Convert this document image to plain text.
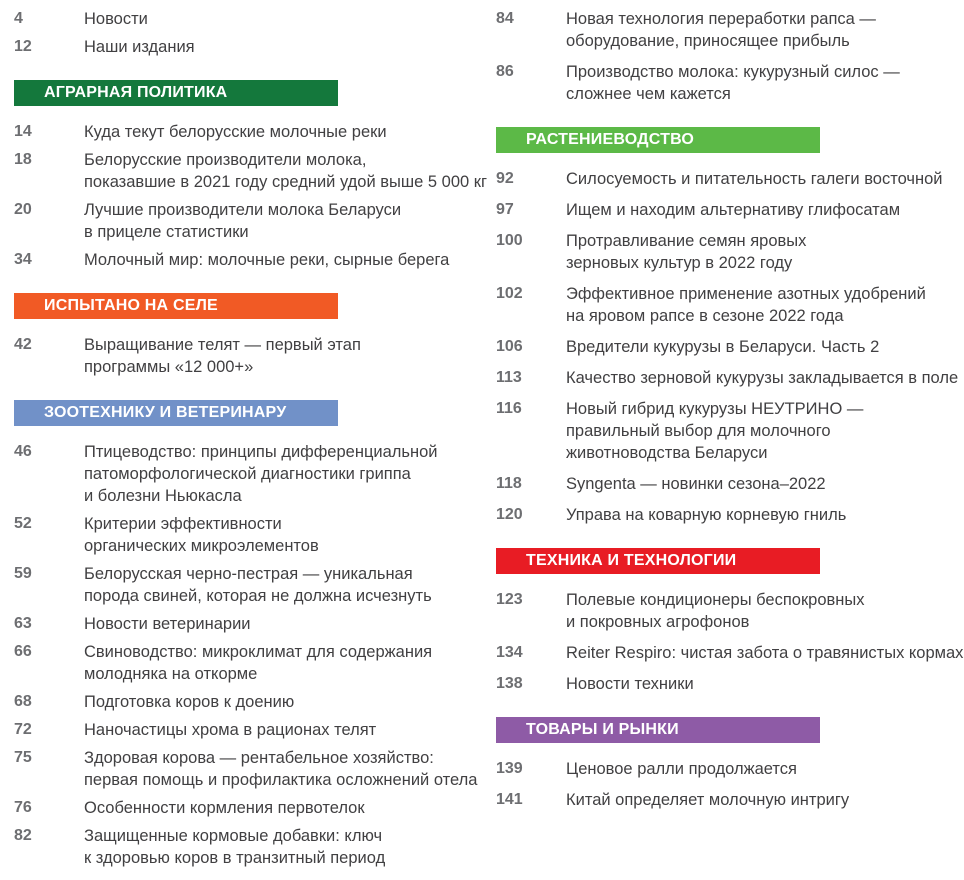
4	Новости
12	Наши издания
АГРАРНАЯ ПОЛИТИКА
14	Куда текут белорусские молочные реки
18	Белорусские производители молока,
показавшие в 2021 году средний удой выше 5 000 кг
20	Лучшие производители молока Беларуси
в прицеле статистики
34	Молочный мир: молочные реки, сырные берега
ИСПЫТАНО НА СЕЛЕ
42	Выращивание телят — первый этап
программы «12 000+»
ЗООТЕХНИКУ И ВЕТЕРИНАРУ
46	Птицеводство: принципы дифференциальной
патоморфологической диагностики гриппа
и болезни Ньюкасла
52	Критерии эффективности
органических микроэлементов
59	Белорусская черно-пестрая — уникальная
порода свиней, которая не должна исчезнуть
63	Новости ветеринарии
66	Свиноводство: микроклимат для содержания
молодняка на откорме
68	Подготовка коров к доению
72	Наночастицы хрома в рационах телят
75	Здоровая корова — рентабельное хозяйство:
первая помощь и профилактика осложнений отела
76	Особенности кормления первотелок
82	Защищенные кормовые добавки: ключ
к здоровью коров в транзитный период
84	Новая технология переработки рапса —
оборудование, приносящее прибыль
86	Производство молока: кукурузный силос —
сложнее чем кажется
РАСТЕНИЕВОДСТВО
92	Силосуемость и питательность галеги восточной
97	Ищем и находим альтернативу глифосатам
100	Протравливание семян яровых
зерновых культур в 2022 году
102	Эффективное применение азотных удобрений
на яровом рапсе в сезоне 2022 года
106	Вредители кукурузы в Беларуси. Часть 2
113	Качество зерновой кукурузы закладывается в поле
116	Новый гибрид кукурузы НЕУТРИНО —
правильный выбор для молочного
животноводства Беларуси
118	Syngenta — новинки сезона–2022
120	Управа на коварную корневую гниль
ТЕХНИКА И ТЕХНОЛОГИИ
123	Полевые кондиционеры беспокровных
и покровных агрофонов
134	Reiter Respiro: чистая забота о травянистых кормах
138	Новости техники
ТОВАРЫ И РЫНКИ
139	Ценовое ралли продолжается
141	Китай определяет молочную интригу
